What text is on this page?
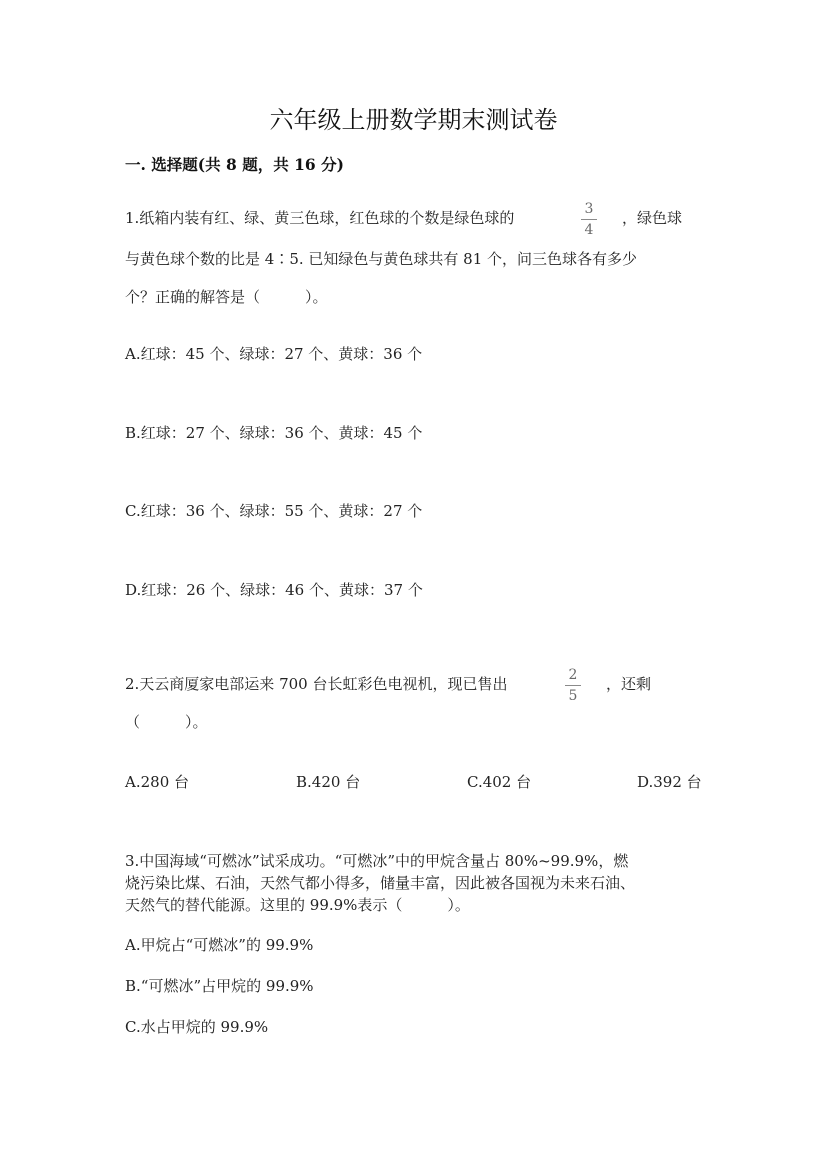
六年级上册数学期末测试卷
一. 选择题(共 8 题，共 16 分)
1.纸箱内装有红、绿、黄三色球，红色球的个数是绿色球的	3
4
，绿色球
与黄色球个数的比是 4∶5. 已知绿色与黄色球共有 81 个，问三色球各有多少
个？正确的解答是（　　　）。
A.红球：45 个、绿球：27 个、黄球：36 个
B.红球：27 个、绿球：36 个、黄球：45 个
C.红球：36 个、绿球：55 个、黄球：27 个
D.红球：26 个、绿球：46 个、黄球：37 个
2.天云商厦家电部运来 700 台长虹彩色电视机，现已售出	2
5
，还剩
（　　　）。
A.280 台	B.420 台	C.402 台	D.392 台
3.中国海域“可燃冰”试采成功。“可燃冰”中的甲烷含量占 80%~99.9%，燃
烧污染比煤、石油，天然气都小得多，储量丰富，因此被各国视为未来石油、
天然气的替代能源。这里的 99.9%表示（　　　）。
A.甲烷占“可燃冰”的 99.9%
B.“可燃冰”占甲烷的 99.9%
C.水占甲烷的 99.9%
